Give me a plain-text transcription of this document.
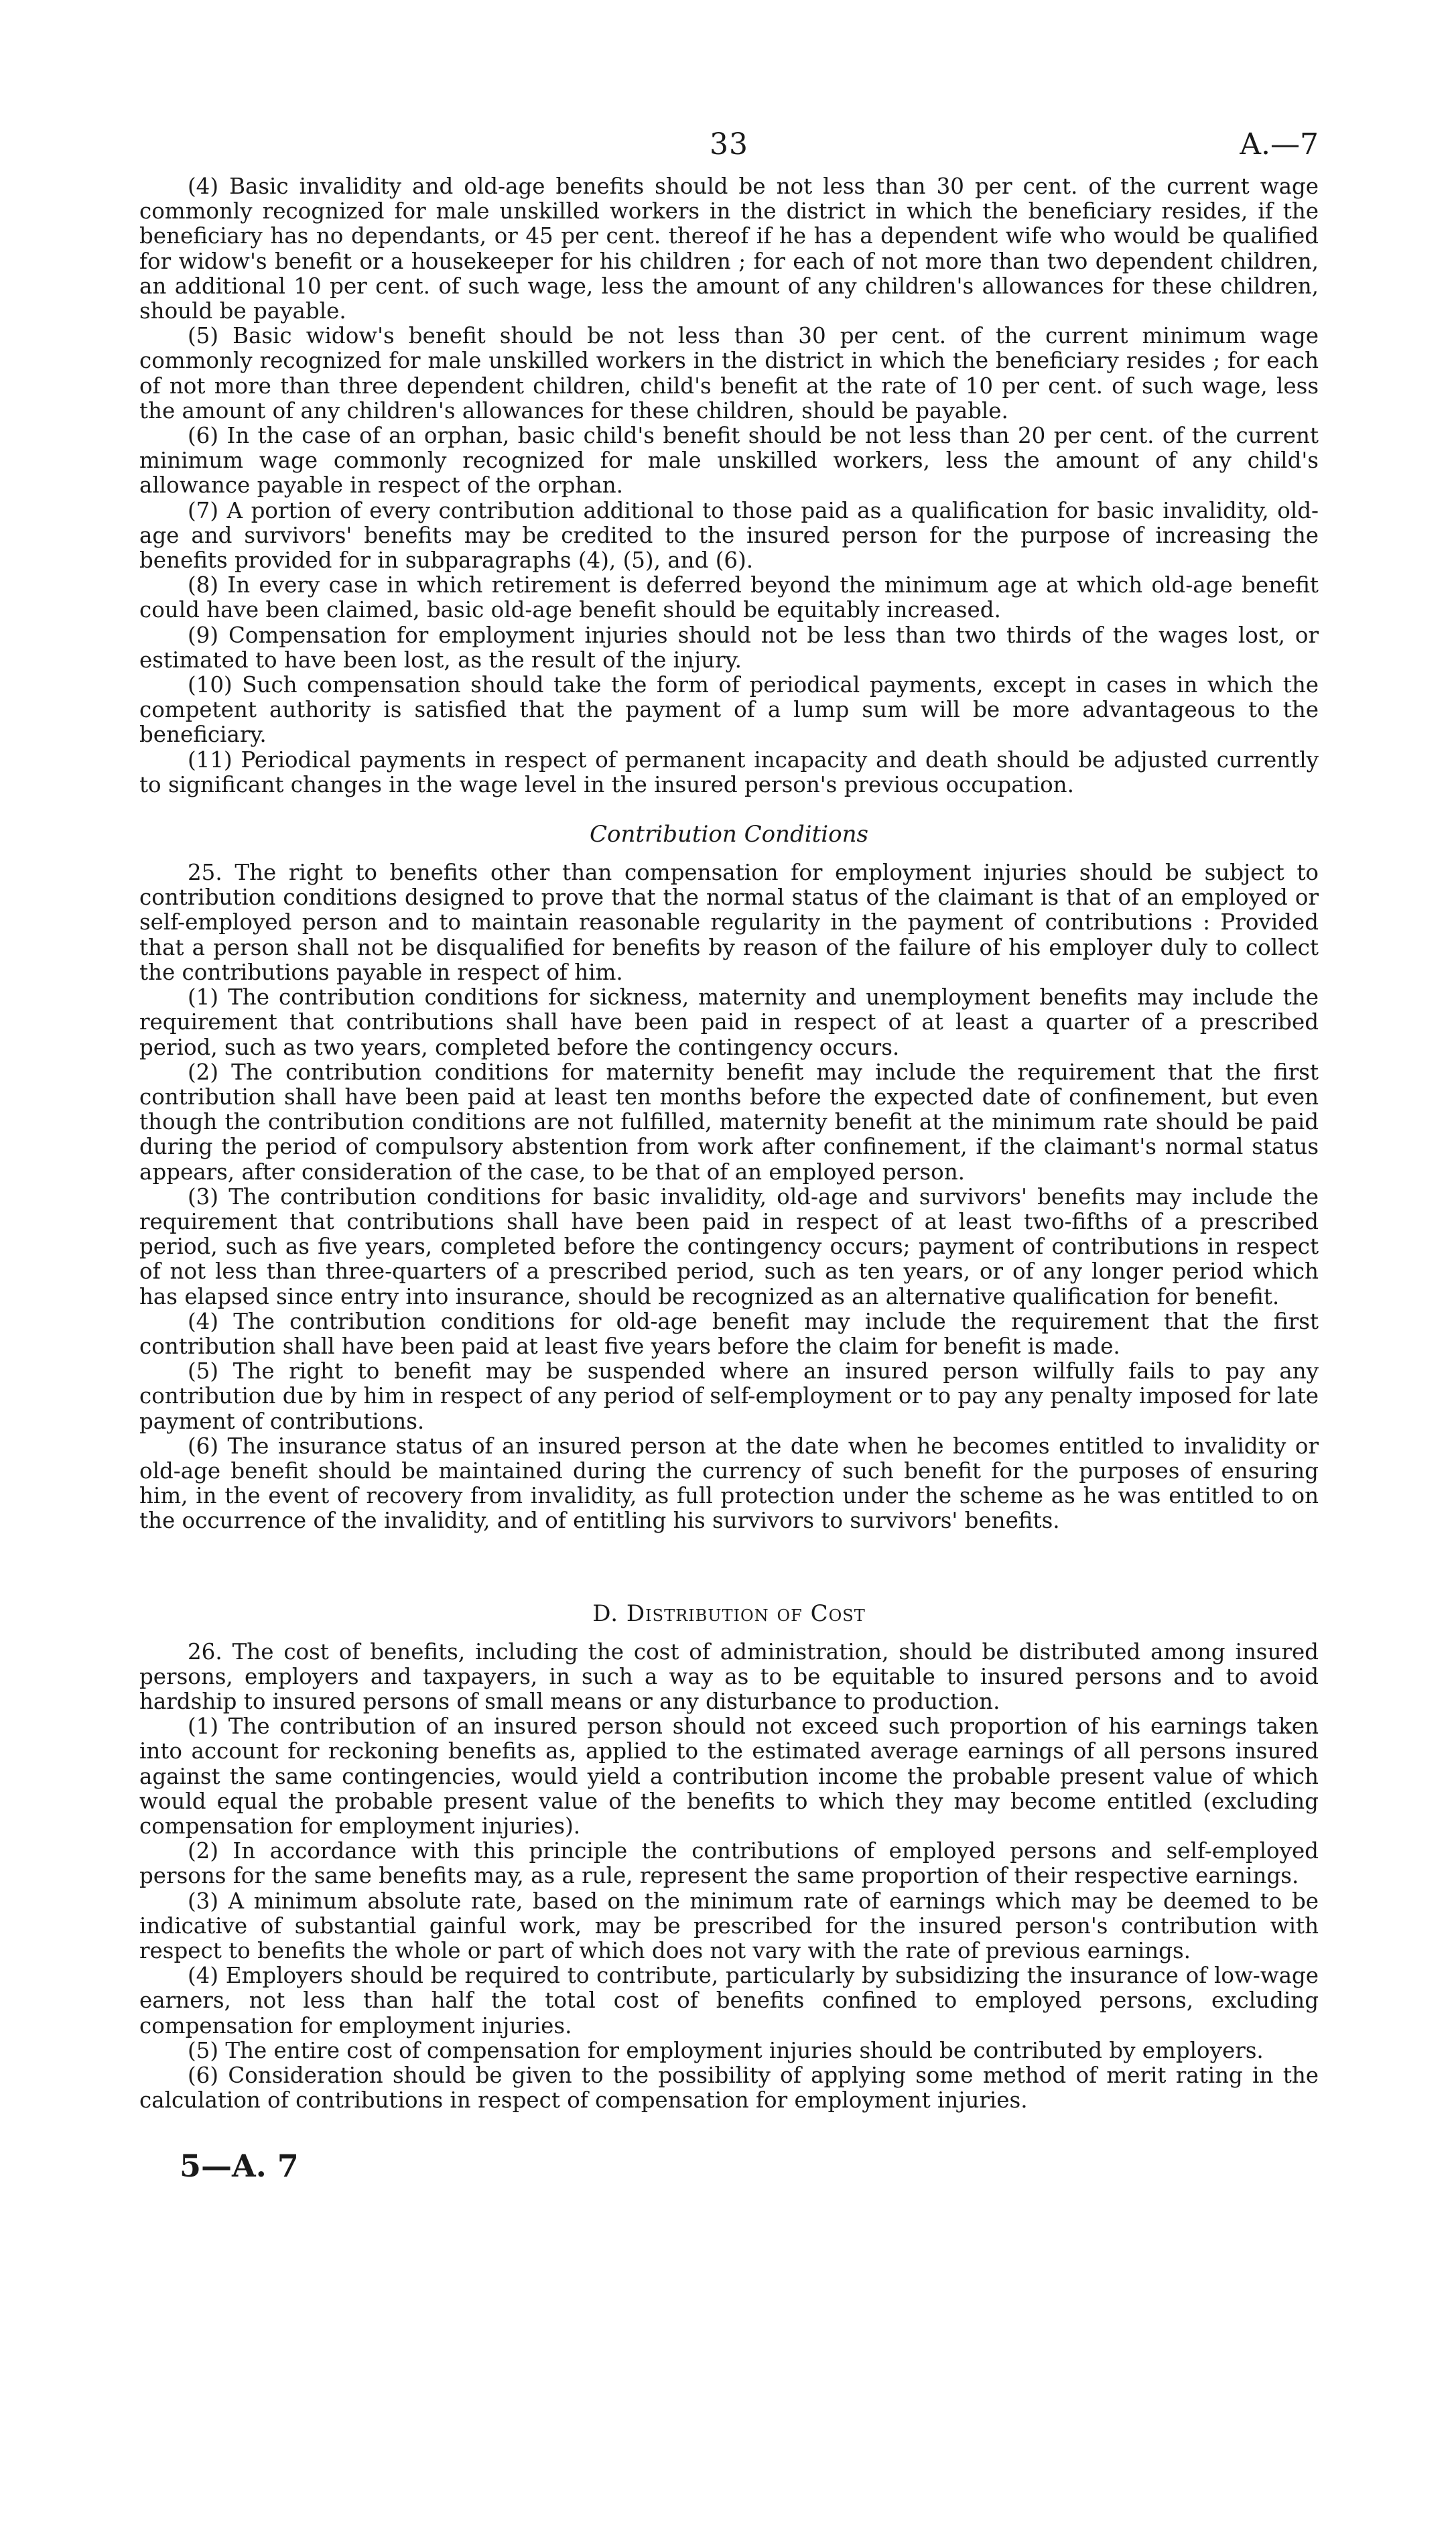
33	A.—7

(4) Basic invalidity and old-age benefits should be not less than 30 per cent. of the current wage commonly recognized for male unskilled workers in the district in which the beneficiary resides, if the beneficiary has no dependants, or 45 per cent. thereof if he has a dependent wife who would be qualified for widow's benefit or a housekeeper for his children ; for each of not more than two dependent children, an additional 10 per cent. of such wage, less the amount of any children's allowances for these children, should be payable.

(5) Basic widow's benefit should be not less than 30 per cent. of the current minimum wage commonly recognized for male unskilled workers in the district in which the beneficiary resides ; for each of not more than three dependent children, child's benefit at the rate of 10 per cent. of such wage, less the amount of any children's allowances for these children, should be payable.

(6) In the case of an orphan, basic child's benefit should be not less than 20 per cent. of the current minimum wage commonly recognized for male unskilled workers, less the amount of any child's allowance payable in respect of the orphan.

(7) A portion of every contribution additional to those paid as a qualification for basic invalidity, old-age and survivors' benefits may be credited to the insured person for the purpose of increasing the benefits provided for in subparagraphs (4), (5), and (6).

(8) In every case in which retirement is deferred beyond the minimum age at which old-age benefit could have been claimed, basic old-age benefit should be equitably increased.

(9) Compensation for employment injuries should not be less than two thirds of the wages lost, or estimated to have been lost, as the result of the injury.

(10) Such compensation should take the form of periodical payments, except in cases in which the competent authority is satisfied that the payment of a lump sum will be more advantageous to the beneficiary.

(11) Periodical payments in respect of permanent incapacity and death should be adjusted currently to significant changes in the wage level in the insured person's previous occupation.

Contribution Conditions

25. The right to benefits other than compensation for employment injuries should be subject to contribution conditions designed to prove that the normal status of the claimant is that of an employed or self-employed person and to maintain reasonable regularity in the payment of contributions : Provided that a person shall not be disqualified for benefits by reason of the failure of his employer duly to collect the contributions payable in respect of him.

(1) The contribution conditions for sickness, maternity and unemployment benefits may include the requirement that contributions shall have been paid in respect of at least a quarter of a prescribed period, such as two years, completed before the contingency occurs.

(2) The contribution conditions for maternity benefit may include the requirement that the first contribution shall have been paid at least ten months before the expected date of confinement, but even though the contribution conditions are not fulfilled, maternity benefit at the minimum rate should be paid during the period of compulsory abstention from work after confinement, if the claimant's normal status appears, after consideration of the case, to be that of an employed person.

(3) The contribution conditions for basic invalidity, old-age and survivors' benefits may include the requirement that contributions shall have been paid in respect of at least two-fifths of a prescribed period, such as five years, completed before the contingency occurs; payment of contributions in respect of not less than three-quarters of a prescribed period, such as ten years, or of any longer period which has elapsed since entry into insurance, should be recognized as an alternative qualification for benefit.

(4) The contribution conditions for old-age benefit may include the requirement that the first contribution shall have been paid at least five years before the claim for benefit is made.

(5) The right to benefit may be suspended where an insured person wilfully fails to pay any contribution due by him in respect of any period of self-employment or to pay any penalty imposed for late payment of contributions.

(6) The insurance status of an insured person at the date when he becomes entitled to invalidity or old-age benefit should be maintained during the currency of such benefit for the purposes of ensuring him, in the event of recovery from invalidity, as full protection under the scheme as he was entitled to on the occurrence of the invalidity, and of entitling his survivors to survivors' benefits.

D. Distribution of Cost

26. The cost of benefits, including the cost of administration, should be distributed among insured persons, employers and taxpayers, in such a way as to be equitable to insured persons and to avoid hardship to insured persons of small means or any disturbance to production.

(1) The contribution of an insured person should not exceed such proportion of his earnings taken into account for reckoning benefits as, applied to the estimated average earnings of all persons insured against the same contingencies, would yield a contribution income the probable present value of which would equal the probable present value of the benefits to which they may become entitled (excluding compensation for employment injuries).

(2) In accordance with this principle the contributions of employed persons and self-employed persons for the same benefits may, as a rule, represent the same proportion of their respective earnings.

(3) A minimum absolute rate, based on the minimum rate of earnings which may be deemed to be indicative of substantial gainful work, may be prescribed for the insured person's contribution with respect to benefits the whole or part of which does not vary with the rate of previous earnings.

(4) Employers should be required to contribute, particularly by subsidizing the insurance of low-wage earners, not less than half the total cost of benefits confined to employed persons, excluding compensation for employment injuries.

(5) The entire cost of compensation for employment injuries should be contributed by employers.

(6) Consideration should be given to the possibility of applying some method of merit rating in the calculation of contributions in respect of compensation for employment injuries.

5—A. 7
